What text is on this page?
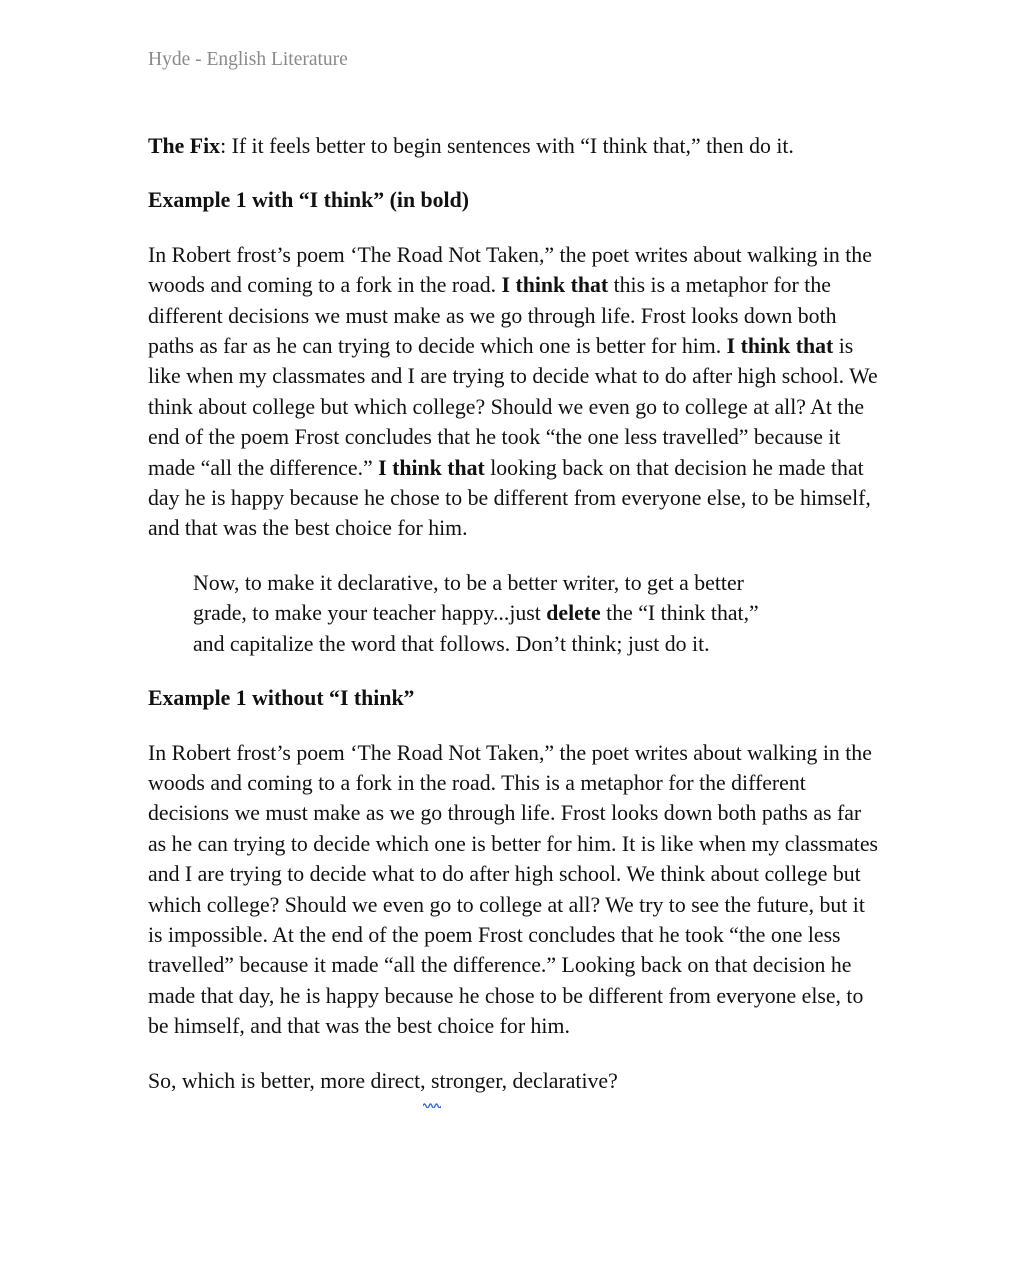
Hyde - English Literature

The Fix: If it feels better to begin sentences with “I think that,” then do it.

Example 1 with “I think” (in bold)

In Robert frost’s poem ‘The Road Not Taken,” the poet writes about walking in the woods and coming to a fork in the road. I think that this is a metaphor for the different decisions we must make as we go through life. Frost looks down both paths as far as he can trying to decide which one is better for him. I think that is like when my classmates and I are trying to decide what to do after high school. We think about college but which college? Should we even go to college at all? At the end of the poem Frost concludes that he took “the one less travelled” because it made “all the difference.” I think that looking back on that decision he made that day he is happy because he chose to be different from everyone else, to be himself, and that was the best choice for him.

Now, to make it declarative, to be a better writer, to get a better grade, to make your teacher happy...just delete the “I think that,” and capitalize the word that follows. Don’t think; just do it.

Example 1 without “I think”

In Robert frost’s poem ‘The Road Not Taken,” the poet writes about walking in the woods and coming to a fork in the road. This is a metaphor for the different decisions we must make as we go through life. Frost looks down both paths as far as he can trying to decide which one is better for him. It is like when my classmates and I are trying to decide what to do after high school. We think about college but which college? Should we even go to college at all? We try to see the future, but it is impossible. At the end of the poem Frost concludes that he took “the one less travelled” because it made “all the difference.” Looking back on that decision he made that day, he is happy because he chose to be different from everyone else, to be himself, and that was the best choice for him.

So, which is better, more direct,
stronger, declarative?
